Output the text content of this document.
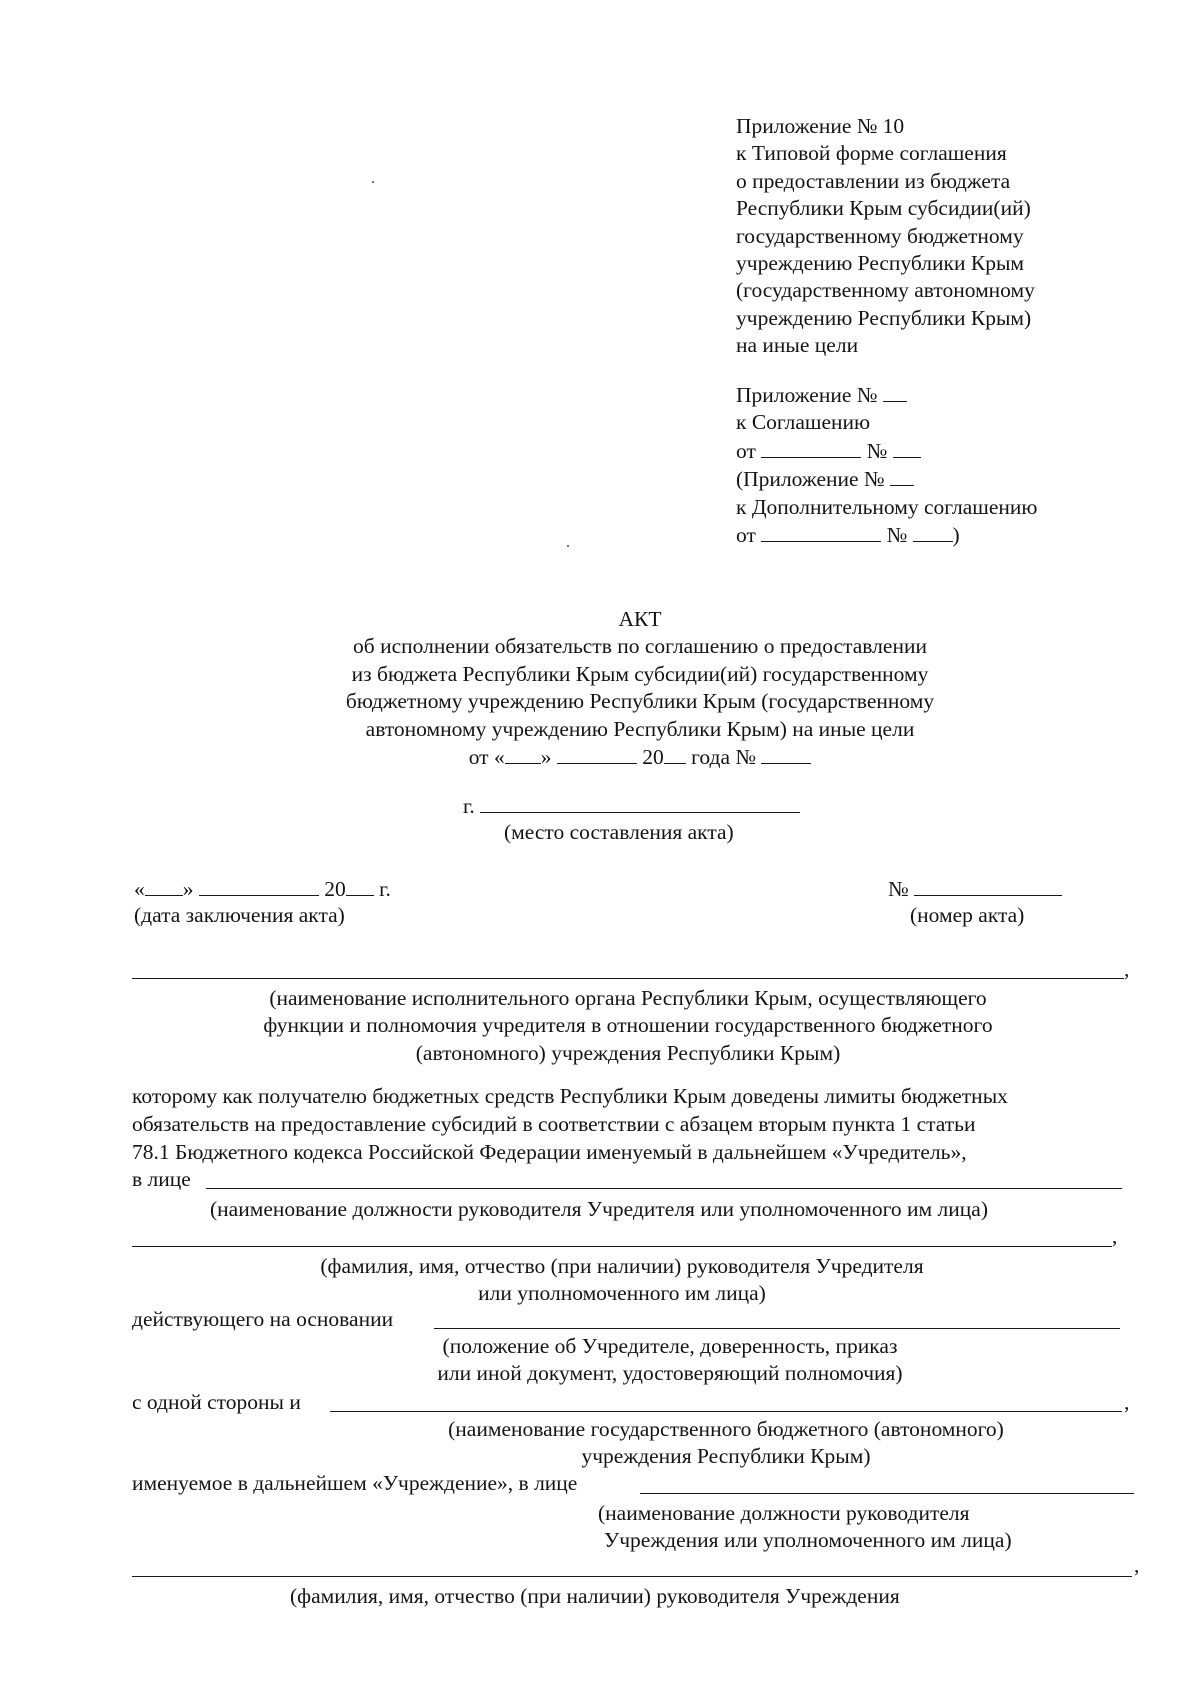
Приложение № 10
к Типовой форме соглашения
о предоставлении из бюджета
Республики Крым субсидии(ий)
государственному бюджетному
учреждению Республики Крым
(государственному автономному
учреждению Республики Крым)
на иные цели
Приложение №
к Соглашению
от	№
(Приложение №
к Дополнительному соглашению
от	№ )
АКТ
об исполнении обязательств по соглашению о предоставлении
из бюджета Республики Крым субсидии(ий) государственному
бюджетному учреждению Республики Крым (государственному
автономному учреждению Республики Крым) на иные цели
от « »	20 года №
г.
(место составления акта)
« »	20 г.
(дата заключения акта)
№
(номер акта)
,
(наименование исполнительного органа Республики Крым, осуществляющего
функции и полномочия учредителя в отношении государственного бюджетного
(автономного) учреждения Республики Крым)
которому как получателю бюджетных средств Республики Крым доведены лимиты бюджетных
обязательств на предоставление субсидий в соответствии с абзацем вторым пункта 1 статьи
78.1 Бюджетного кодекса Российской Федерации именуемый в дальнейшем «Учредитель»,
в лице
(наименование должности руководителя Учредителя или уполномоченного им лица)
,
(фамилия, имя, отчество (при наличии) руководителя Учредителя
или уполномоченного им лица)
действующего на основании
(положение об Учредителе, доверенность, приказ
или иной документ, удостоверяющий полномочия)
с одной стороны и	,
(наименование государственного бюджетного (автономного)
учреждения Республики Крым)
именуемое в дальнейшем «Учреждение», в лице
(наименование должности руководителя
Учреждения или уполномоченного им лица)
,
(фамилия, имя, отчество (при наличии) руководителя Учреждения
